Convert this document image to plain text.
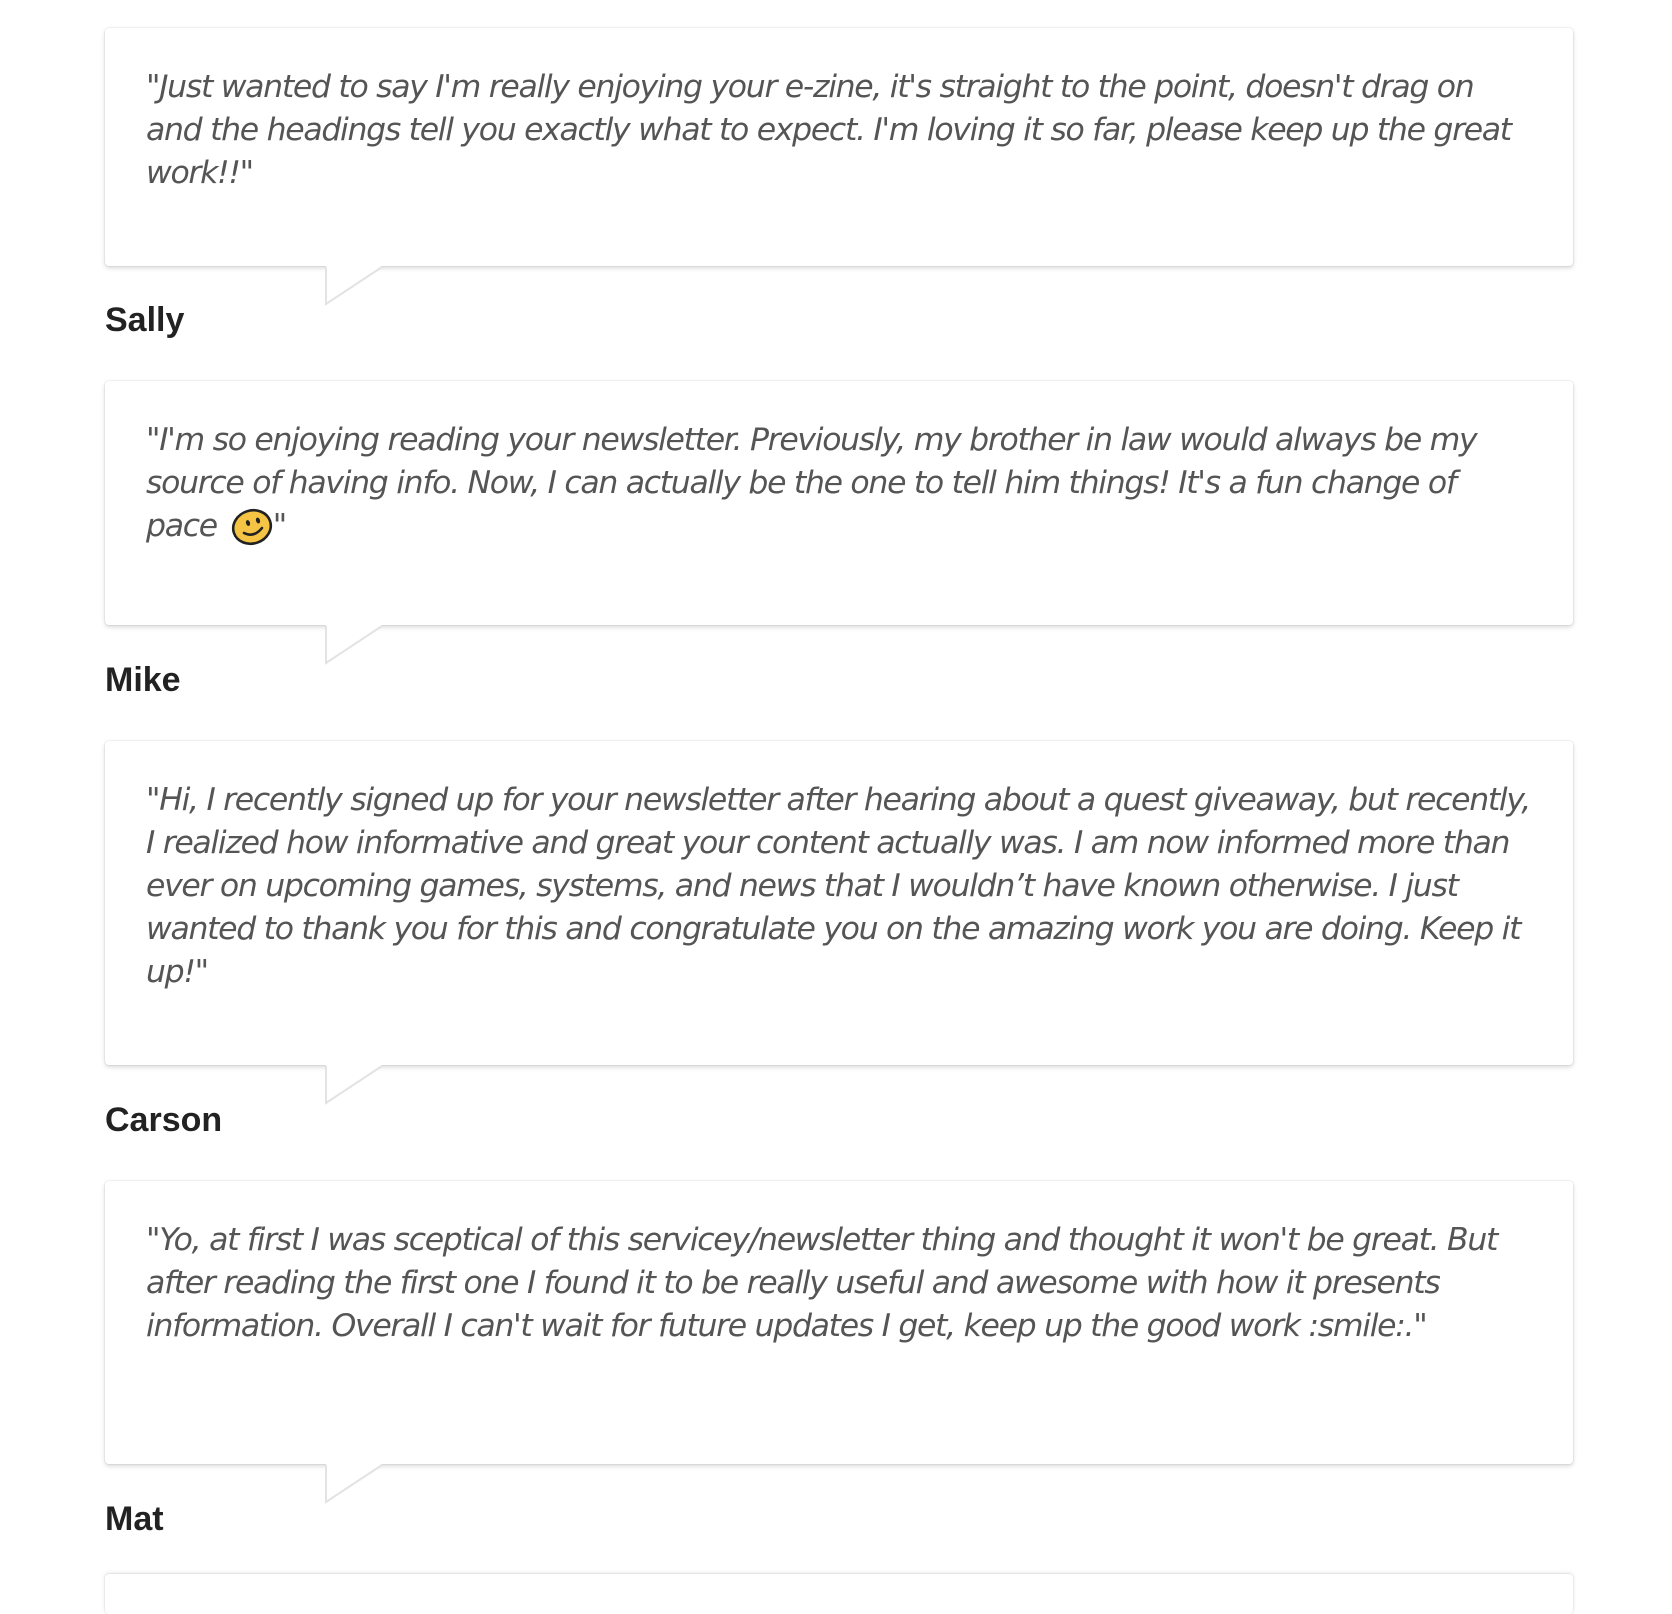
"Just wanted to say I'm really enjoying your e-zine, it's straight to the point, doesn't drag on and the headings tell you exactly what to expect. I'm loving it so far, please keep up the great work!!"

Sally

"I'm so enjoying reading your newsletter. Previously, my brother in law would always be my source of having info. Now, I can actually be the one to tell him things! It's a fun change of pace "

Mike

"Hi, I recently signed up for your newsletter after hearing about a quest giveaway, but recently, I realized how informative and great your content actually was. I am now informed more than ever on upcoming games, systems, and news that I wouldn’t have known otherwise. I just wanted to thank you for this and congratulate you on the amazing work you are doing. Keep it up!"

Carson

"Yo, at first I was sceptical of this servicey/newsletter thing and thought it won't be great. But after reading the first one I found it to be really useful and awesome with how it presents information. Overall I can't wait for future updates I get, keep up the good work :smile:."

Mat
